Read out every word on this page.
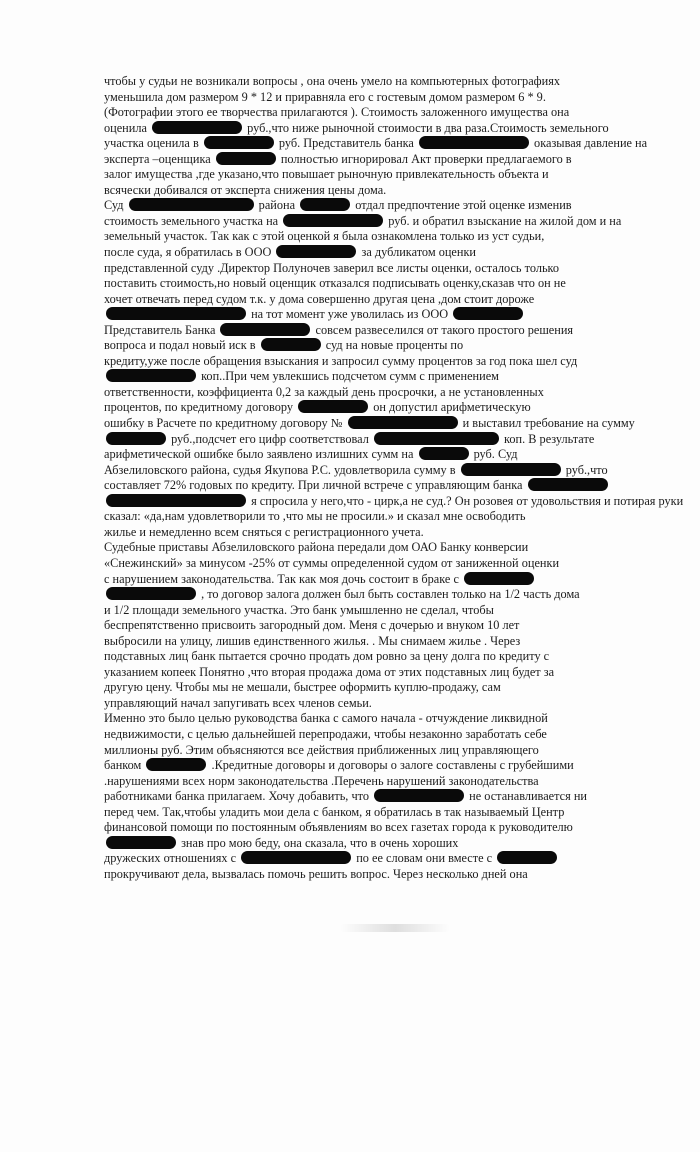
чтобы у судьи не возникали вопросы , она очень умело на компьютерных фотографиях
уменьшила дом размером 9 * 12 и приравняла его с гостевым домом размером 6 * 9.
(Фотографии этого ее творчества прилагаются ). Стоимость заложенного имущества она
оценила	руб.,что ниже рыночной стоимости в два раза.Стоимость земельного
участка оценила в	руб. Представитель банка	оказывая давление на
эксперта –оценщика	полностью игнорировал Акт проверки предлагаемого в
залог имущества ,где указано,что повышает рыночную привлекательность объекта и
всячески добивался от эксперта снижения цены дома.
Суд	района	отдал предпочтение этой оценке изменив
стоимость земельного участка на	руб. и обратил взыскание на жилой дом и на
земельный участок. Так как с этой оценкой я была ознакомлена только из уст судьи,
после суда, я обратилась в ООО	за дубликатом оценки
представленной суду .Директор Полуночев заверил все листы оценки, осталось только
поставить стоимость,но новый оценщик отказался подписывать оценку,сказав что он не
хочет отвечать перед судом т.к. у дома совершенно другая цена ,дом стоит дороже
на тот момент уже уволилась из ООО
Представитель Банка	совсем развеселился от такого простого решения
вопроса и подал новый иск в	суд на новые проценты по
кредиту,уже после обращения взыскания и запросил сумму процентов за год пока шел суд
коп..При чем увлекшись подсчетом сумм с применением
ответственности, коэффициента 0,2 за каждый день просрочки, а не установленных
процентов, по кредитному договору	он допустил арифметическую
ошибку в Расчете по кредитному договору №	и выставил требование на сумму
руб.,подсчет его цифр соответствовал	коп. В результате
арифметической ошибке было заявлено излишних сумм на	руб. Суд
Абзелиловского района, судья Якупова Р.С. удовлетворила сумму в	руб.,что
составляет 72% годовых по кредиту. При личной встрече с управляющим банка
я спросила у него,что - цирк,а не суд.? Он розовея от удовольствия и потирая руки
сказал: «да,нам удовлетворили то ,что мы не просили.» и сказал мне освободить
жилье и немедленно всем сняться с регистрационного учета.
Судебные приставы Абзелиловского района передали дом ОАО Банку конверсии
«Снежинский» за минусом -25% от суммы определенной судом от заниженной оценки
с нарушением законодательства. Так как моя дочь состоит в браке с
, то договор залога должен был быть составлен только на 1/2 часть дома
и 1/2 площади земельного участка. Это банк умышленно не сделал, чтобы
беспрепятственно присвоить загородный дом. Меня с дочерью и внуком 10 лет
выбросили на улицу, лишив единственного жилья. . Мы снимаем жилье . Через
подставных лиц банк пытается срочно продать дом ровно за цену долга по кредиту с
указанием копеек Понятно ,что вторая продажа дома от этих подставных лиц будет за
другую цену. Чтобы мы не мешали, быстрее оформить куплю-продажу, сам
управляющий начал запугивать всех членов семьи.
Именно это было целью руководства банка с самого начала - отчуждение ликвидной
недвижимости, с целью дальнейшей перепродажи, чтобы незаконно заработать себе
миллионы руб. Этим объясняются все действия приближенных лиц управляющего
банком	.Кредитные договоры и договоры о залоге составлены с грубейшими
.нарушениями всех норм законодательства .Перечень нарушений законодательства
работниками банка прилагаем. Хочу добавить, что	не останавливается ни
перед чем. Так,чтобы уладить мои дела с банком, я обратилась в так называемый Центр
финансовой помощи по постоянным объявлениям во всех газетах города к руководителю
знав про мою беду, она сказала, что в очень хороших
дружеских отношениях с	по ее словам они вместе с
прокручивают дела, вызвалась помочь решить вопрос. Через несколько дней она
